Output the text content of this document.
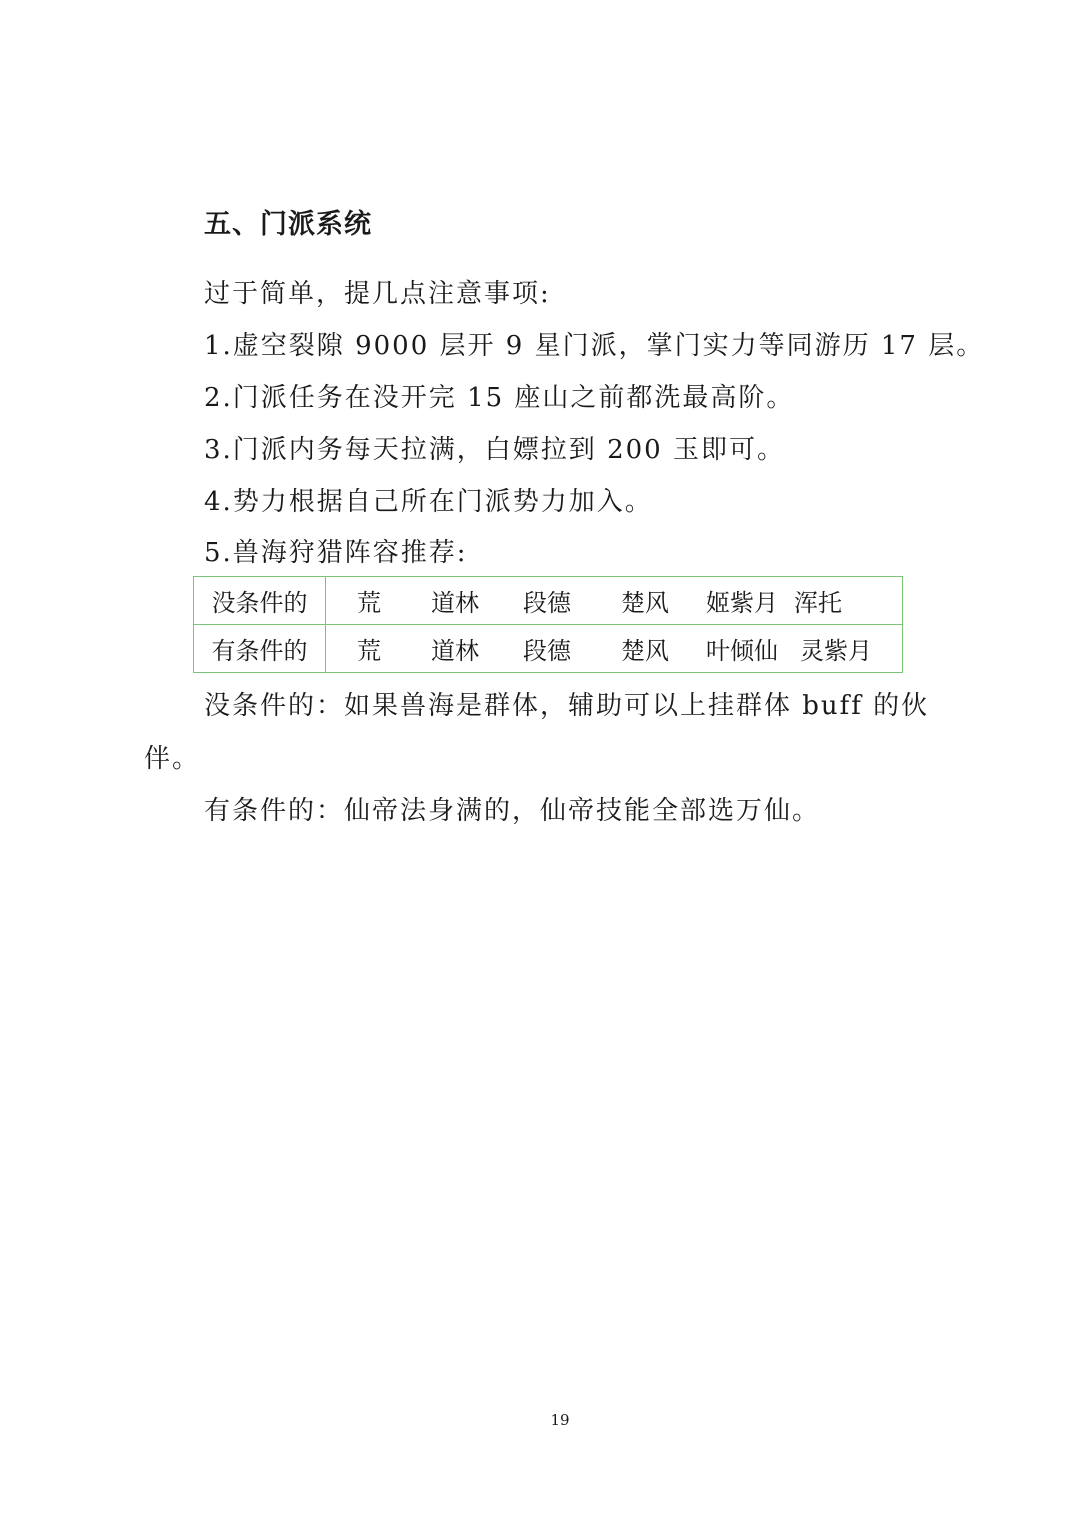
五、门派系统

过于简单，提几点注意事项:

1.虚空裂隙 9000 层开 9 星门派，掌门实力等同游历 17 层。

2.门派任务在没开完 15 座山之前都洗最高阶。

3.门派内务每天拉满，白嫖拉到 200 玉即可。

4.势力根据自己所在门派势力加入。

5.兽海狩猎阵容推荐:

没条件的	荒	道林	段德	楚风	姬紫月	浑托
有条件的	荒	道林	段德	楚风	叶倾仙	灵紫月

没条件的：如果兽海是群体，辅助可以上挂群体 buff 的伙

伴。

有条件的：仙帝法身满的，仙帝技能全部选万仙。

19
